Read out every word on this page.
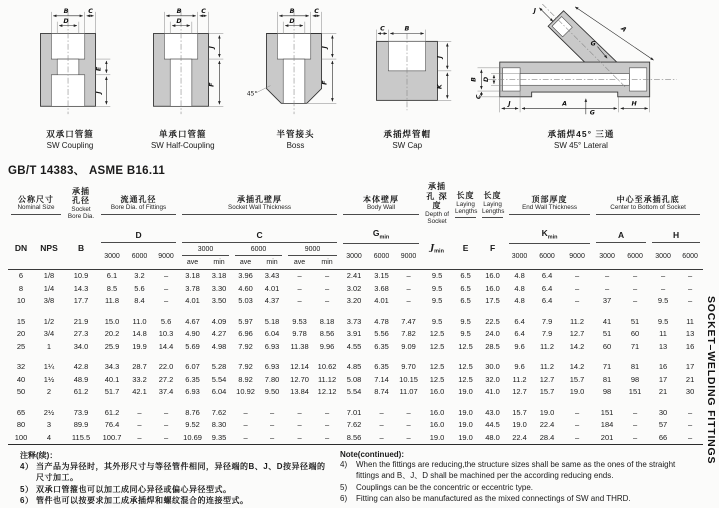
B	C
D
E
J
双承口管箍
SW Coupling
B	C
D
J
F
单承口管箍
SW Half-Coupling
B	C
D
45°
J
F
半管接头
Boss
C	B
J
K
承插焊管帽
SW Cap
J
A
G
B D
C
J	A	H
G
承插焊45° 三通
SW 45° Lateral
GB/T 14383、 ASME B16.11
公称尺寸
Nominal Size		承插 孔径
Socket Bore Dia.	流通孔径
Bore Dia. of Fittings			承插孔壁厚
Socket Wall Thickness						本体壁厚
Body Wall			承插孔 深度
Depth of Socket	长度
Laying Lengths	长度
Laying Lengths	顶部厚度
End Wall Thickness			中心至承插孔底
Center to Bottom of Socket			

DN	NPS	B	D			C						$G_{min}$			$J_{min}$	E	F	$K_{min}$			A		H	

			3000	6000	9000	3000		6000		9000		3000	6000	9000				3000	6000	9000	3000	6000	3000	6000
						ave	min	ave	min	ave	min													
6	1/8	10.9	6.1	3.2	–	3.18	3.18	3.96	3.43	–	–	2.41	3.15	–	9.5	6.5	16.0	4.8	6.4	–	–	–	–	–
8	1/4	14.3	8.5	5.6	–	3.78	3.30	4.60	4.01	–	–	3.02	3.68	–	9.5	6.5	16.0	4.8	6.4	–	–	–	–	–
10	3/8	17.7	11.8	8.4	–	4.01	3.50	5.03	4.37	–	–	3.20	4.01	–	9.5	6.5	17.5	4.8	6.4	–	37	–	9.5	–

15	1/2	21.9	15.0	11.0	5.6	4.67	4.09	5.97	5.18	9.53	8.18	3.73	4.78	7.47	9.5	9.5	22.5	6.4	7.9	11.2	41	51	9.5	11
20	3/4	27.3	20.2	14.8	10.3	4.90	4.27	6.96	6.04	9.78	8.56	3.91	5.56	7.82	12.5	9.5	24.0	6.4	7.9	12.7	51	60	11	13
25	1	34.0	25.9	19.9	14.4	5.69	4.98	7.92	6.93	11.38	9.96	4.55	6.35	9.09	12.5	12.5	28.5	9.6	11.2	14.2	60	71	13	16

32	1¼	42.8	34.3	28.7	22.0	6.07	5.28	7.92	6.93	12.14	10.62	4.85	6.35	9.70	12.5	12.5	30.0	9.6	11.2	14.2	71	81	16	17
40	1½	48.9	40.1	33.2	27.2	6.35	5.54	8.92	7.80	12.70	11.12	5.08	7.14	10.15	12.5	12.5	32.0	11.2	12.7	15.7	81	98	17	21
50	2	61.2	51.7	42.1	37.4	6.93	6.04	10.92	9.50	13.84	12.12	5.54	8.74	11.07	16.0	19.0	41.0	12.7	15.7	19.0	98	151	21	30

65	2½	73.9	61.2	–	–	8.76	7.62	–	–	–	–	7.01	–	–	16.0	19.0	43.0	15.7	19.0	–	151	–	30	–
80	3	89.9	76.4	–	–	9.52	8.30	–	–	–	–	7.62	–	–	16.0	19.0	44.5	19.0	22.4	–	184	–	57	–
100	4	115.5	100.7	–	–	10.69	9.35	–	–	–	–	8.56	–	–	19.0	19.0	48.0	22.4	28.4	–	201	–	66	–
注释(续)：
4） 当产品为异径时，其外形尺寸与等径管件相同，异径端的B、J、D按异径端的尺寸加工。
5） 双承口管箍也可以加工成同心异径或偏心异径型式。
6） 管件也可以按要求加工成承插焊和螺纹混合的连接型式。
Note(continued):
4)	When the fittings are reducing,the structure sizes shall be same as the ones of the straight fittings and B、J、D shall be machined per the according reducing ends.
5)	Couplings can be the concentric or eccentric type.
6)	Fitting can also be manufactured as the mixed connectings of SW and THRD.
SOCKET–WELDING FITTINGS
